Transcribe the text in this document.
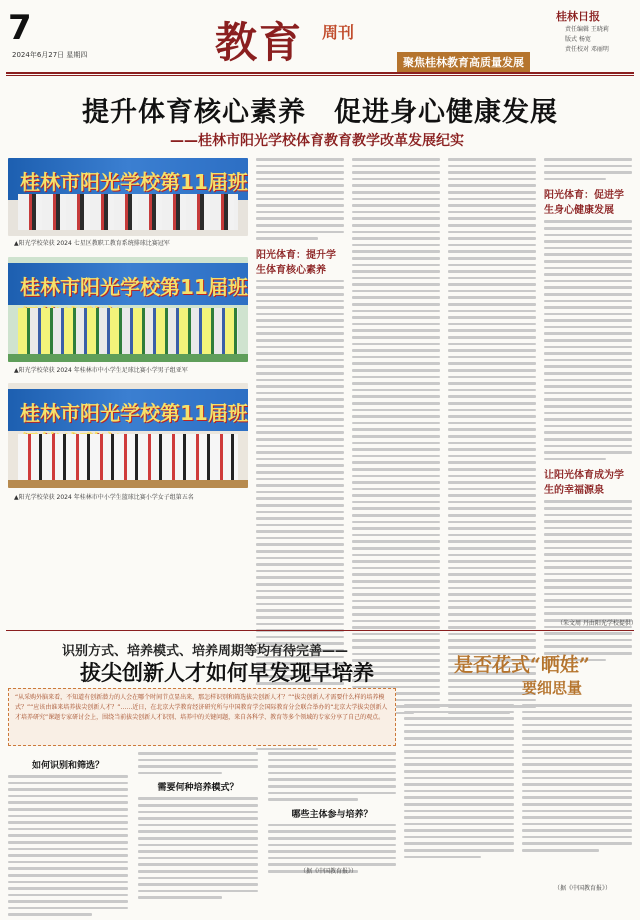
7
2024年6月27日 星期四	教育 周刊
聚焦桂林教育高质量发展
桂林日报
责任编辑 王晓莉
版式 杨宽
责任校对 邓丽明
提升体育核心素养　促进身心健康发展
——桂林市阳光学校体育教育教学改革发展纪实
桂林市阳光学校第11届班
▲阳光学校荣获 2024 七星区教职工教育系统排球比赛冠军
桂林市阳光学校第11届班
▲阳光学校荣获 2024 年桂林市中小学生足球比赛小学男子组亚军
桂林市阳光学校第11届班
▲阳光学校荣获 2024 年桂林市中小学生篮球比赛小学女子组第五名

阳光体育：提升学生体育核心素养

阳光体育：促进学生身心健康发展

让阳光体育成为学生的幸福源泉

（朱文周 丹由阳光学校提供）
识别方式、培养模式、培养周期等均有待完善——
拔尖创新人才如何早发现早培养
“从采购外脑来看，不知道有创新潜力的人会在哪个时间节点显出来，那怎样识别和筛选拔尖创新人才？”“拔尖创新人才需要什么样的培养模式？”“应该由谁来培养拔尖创新人才？”……近日，在北京大学教育经济研究所与中国教育学会国际教育分会联合举办的“北京大学拔尖创新人才培养研究”课题专家研讨会上，围绕当前拔尖创新人才识别、培养中的关键问题，来自各科学、教育等多个领域的专家分享了自己的观点。
如何识别和筛选？

需要何种培养模式？

哪些主体参与培养？

（据《中国教育报》）
是否花式“晒娃”
要细思量

（据《中国教育报》）
